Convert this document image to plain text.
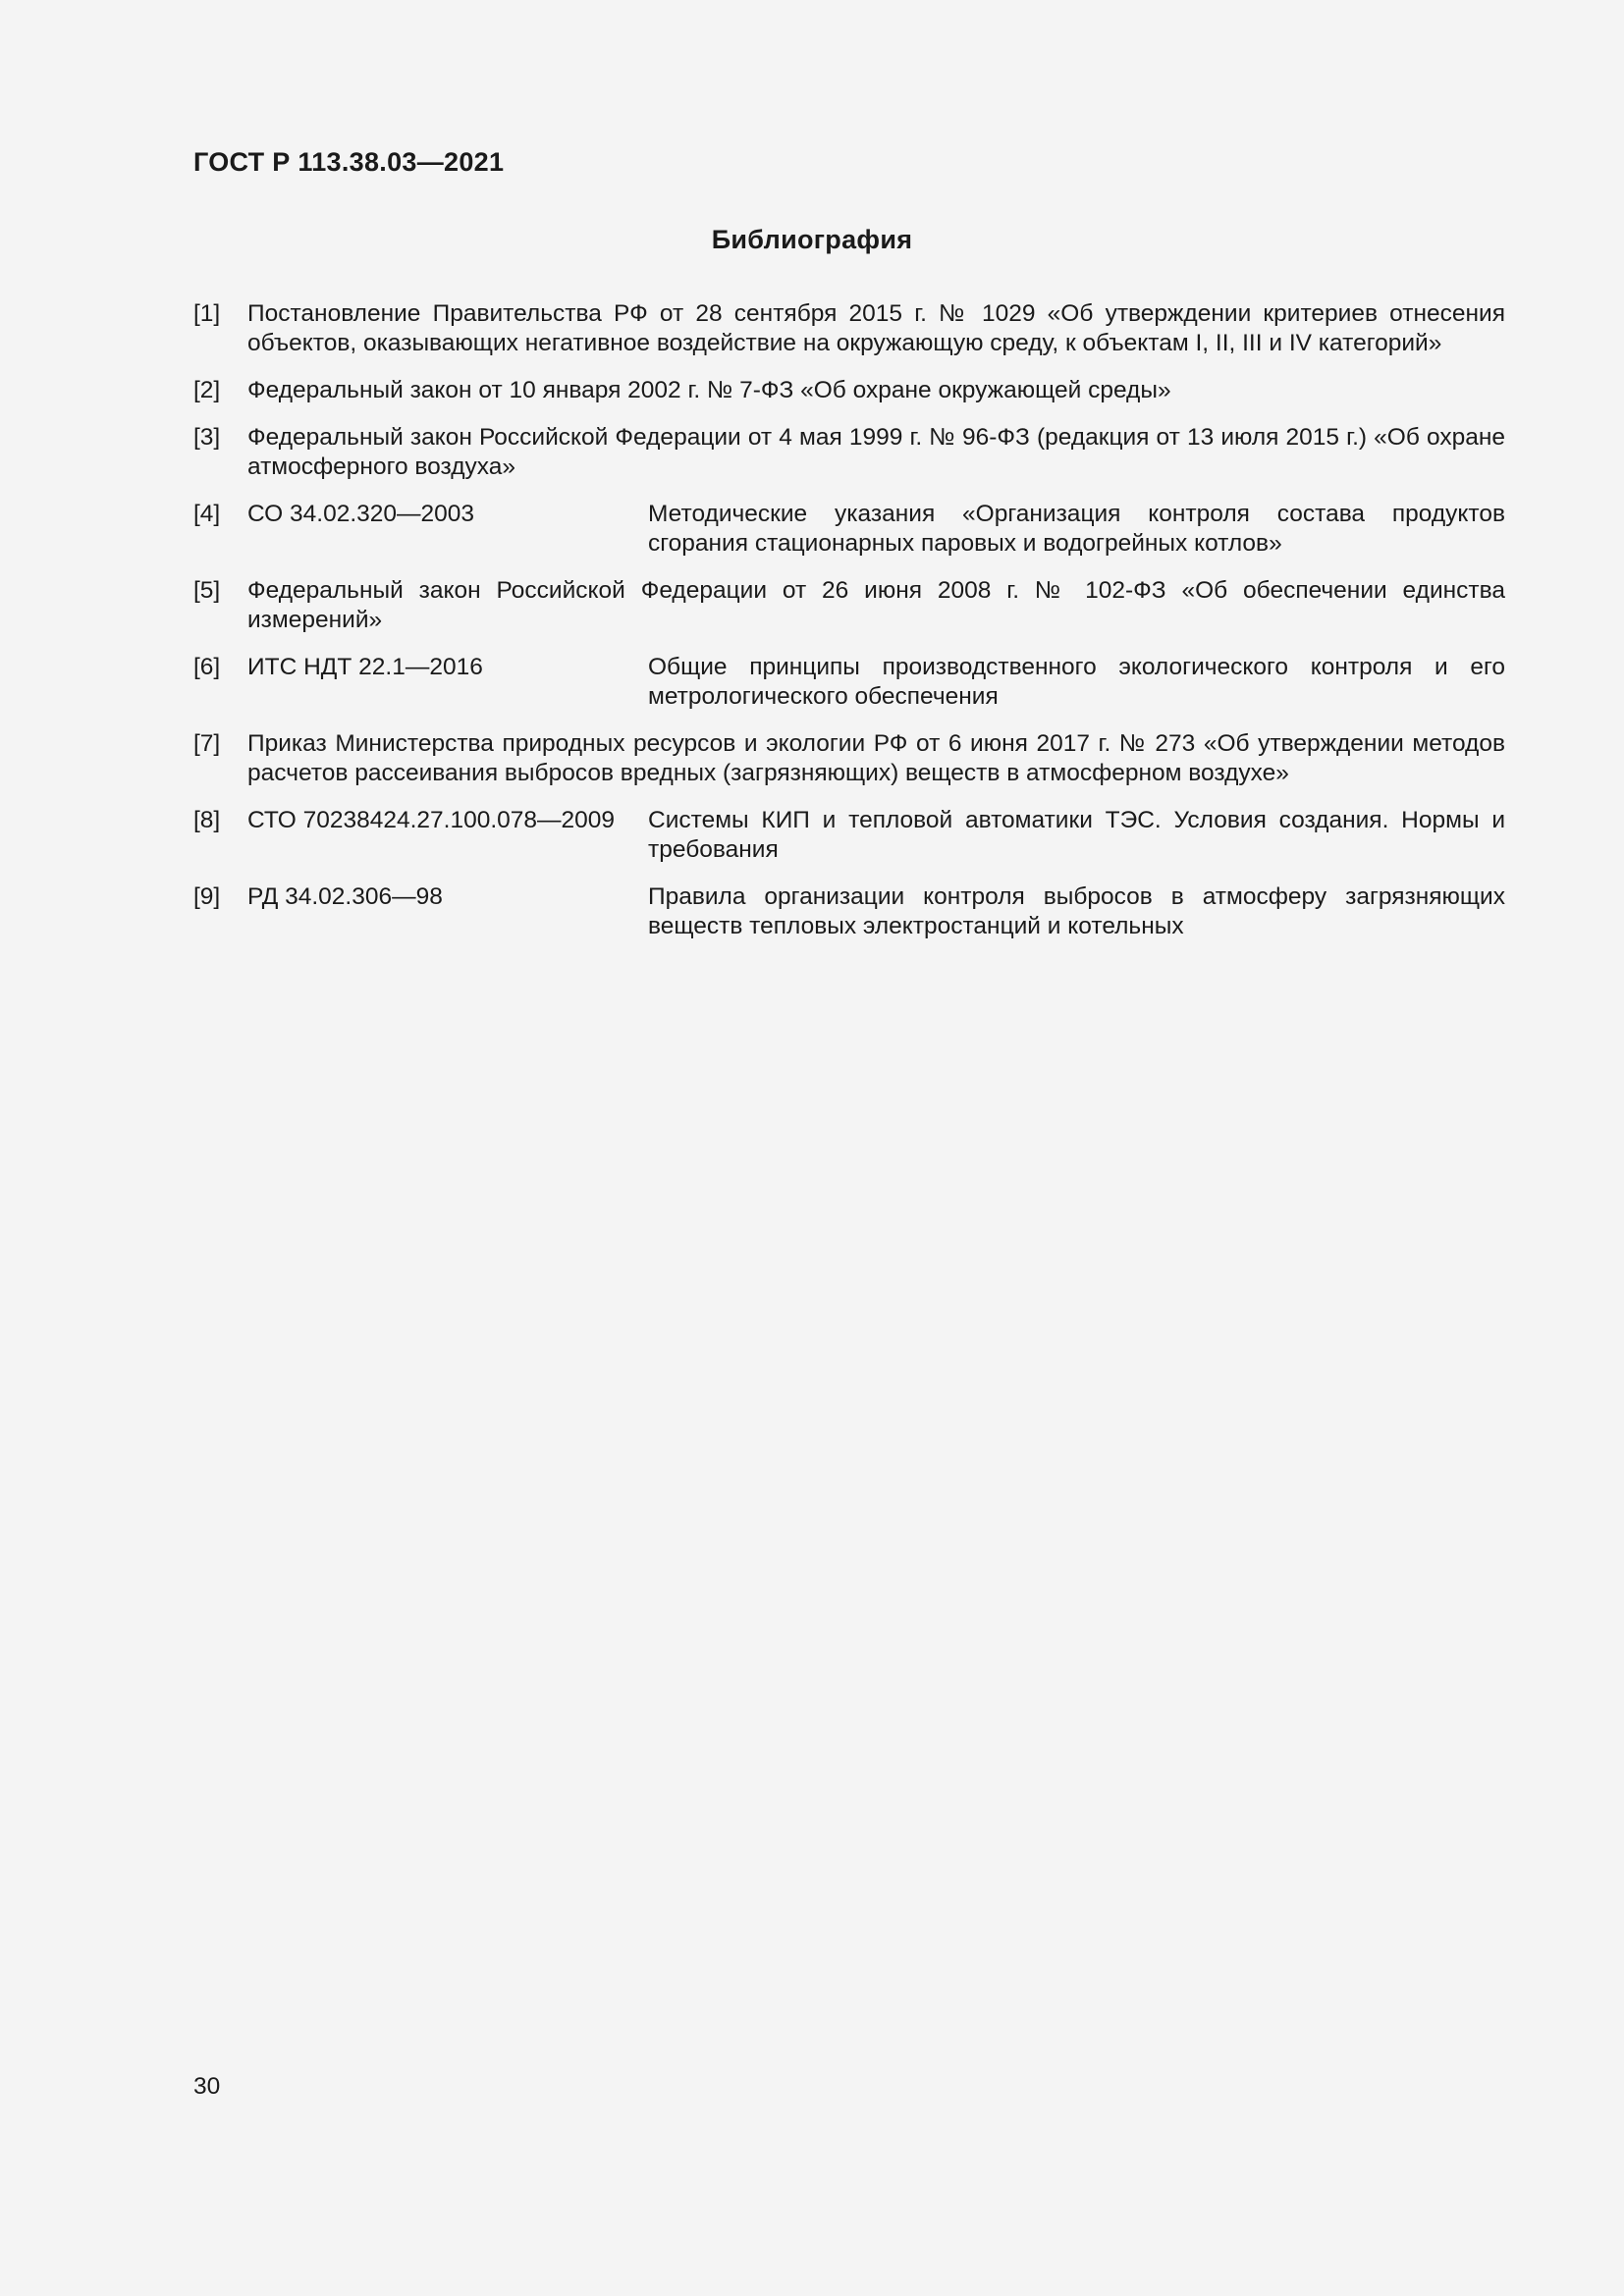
ГОСТ Р 113.38.03—2021
Библиография
[1] Постановление Правительства РФ от 28 сентября 2015 г. № 1029 «Об утверждении критериев отнесения объектов, оказывающих негативное воздействие на окружающую среду, к объектам I, II, III и IV категорий»
[2] Федеральный закон от 10 января 2002 г. № 7-ФЗ «Об охране окружающей среды»
[3] Федеральный закон Российской Федерации от 4 мая 1999 г. № 96-ФЗ (редакция от 13 июля 2015 г.) «Об охране атмосферного воздуха»
[4] СО 34.02.320—2003	Методические указания «Организация контроля состава продуктов сгорания стационарных паровых и водогрейных котлов»
[5] Федеральный закон Российской Федерации от 26 июня 2008 г. № 102-ФЗ «Об обеспечении единства измерений»
[6] ИТС НДТ 22.1—2016	Общие принципы производственного экологического контроля и его метрологического обеспечения
[7] Приказ Министерства природных ресурсов и экологии РФ от 6 июня 2017 г. № 273 «Об утверждении методов расчетов рассеивания выбросов вредных (загрязняющих) веществ в атмосферном воздухе»
[8] СТО 70238424.27.100.078—2009 Системы КИП и тепловой автоматики ТЭС. Условия создания. Нормы и требования
[9] РД 34.02.306—98	Правила организации контроля выбросов в атмосферу загрязняющих веществ тепловых электростанций и котельных
30
